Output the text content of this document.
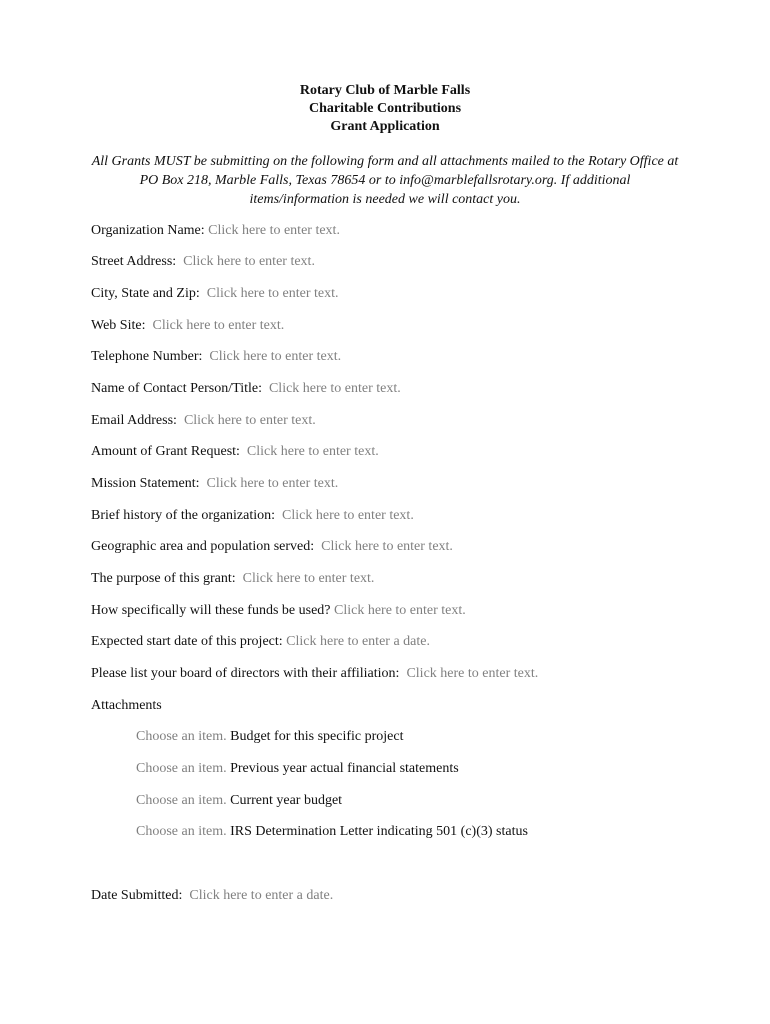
Rotary Club of Marble Falls
Charitable Contributions
Grant Application
All Grants MUST be submitting on the following form and all attachments mailed to the Rotary Office at
PO Box 218, Marble Falls, Texas 78654 or to info@marblefallsrotary.org. If additional
items/information is needed we will contact you.
Organization Name: Click here to enter text.
Street Address: Click here to enter text.
City, State and Zip: Click here to enter text.
Web Site: Click here to enter text.
Telephone Number: Click here to enter text.
Name of Contact Person/Title: Click here to enter text.
Email Address: Click here to enter text.
Amount of Grant Request: Click here to enter text.
Mission Statement: Click here to enter text.
Brief history of the organization: Click here to enter text.
Geographic area and population served: Click here to enter text.
The purpose of this grant: Click here to enter text.
How specifically will these funds be used? Click here to enter text.
Expected start date of this project: Click here to enter a date.
Please list your board of directors with their affiliation: Click here to enter text.
Attachments
Choose an item. Budget for this specific project
Choose an item. Previous year actual financial statements
Choose an item. Current year budget
Choose an item. IRS Determination Letter indicating 501 (c)(3) status
Date Submitted: Click here to enter a date.
